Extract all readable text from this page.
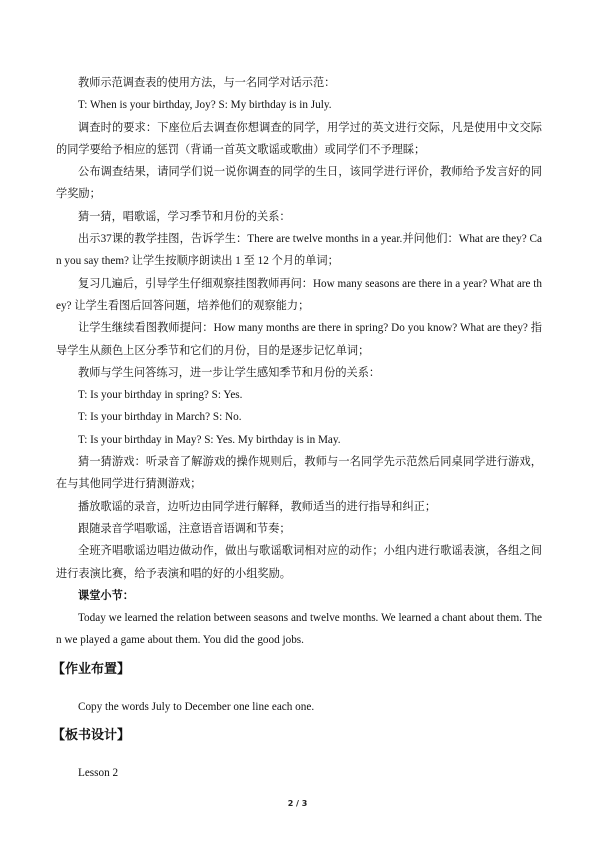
教师示范调查表的使用方法，与一名同学对话示范：

T: When is your birthday, Joy? S: My birthday is in July.

调查时的要求：下座位后去调查你想调查的同学，用学过的英文进行交际，凡是使用中文交际的同学要给予相应的惩罚（背诵一首英文歌谣或歌曲）或同学们不予理睬；

公布调查结果，请同学们说一说你调查的同学的生日，该同学进行评价，教师给予发言好的同学奖励；

猜一猜，唱歌谣，学习季节和月份的关系：

出示37课的教学挂图，告诉学生：There are twelve months in a year.并问他们：What are they? Can you say them? 让学生按顺序朗读出 1 至 12 个月的单词；

复习几遍后，引导学生仔细观察挂图教师再问：How many seasons are there in a year? What are they? 让学生看图后回答问题，培养他们的观察能力；

让学生继续看图教师提问：How many months are there in spring? Do you know? What are they? 指导学生从颜色上区分季节和它们的月份，目的是逐步记忆单词；

教师与学生问答练习，进一步让学生感知季节和月份的关系：

T: Is your birthday in spring? S: Yes.

T: Is your birthday in March? S: No.

T: Is your birthday in May? S: Yes. My birthday is in May.

猜一猜游戏：听录音了解游戏的操作规则后，教师与一名同学先示范然后同桌同学进行游戏，在与其他同学进行猜测游戏；

播放歌谣的录音，边听边由同学进行解释，教师适当的进行指导和纠正；

跟随录音学唱歌谣，注意语音语调和节奏；

全班齐唱歌谣边唱边做动作，做出与歌谣歌词相对应的动作；小组内进行歌谣表演，各组之间进行表演比赛，给予表演和唱的好的小组奖励。

课堂小节：

Today we learned the relation between seasons and twelve months. We learned a chant about them. Then we played a game about them. You did the good jobs.

【作业布置】

Copy the words July to December one line each one.

【板书设计】

Lesson 2

2 / 3
